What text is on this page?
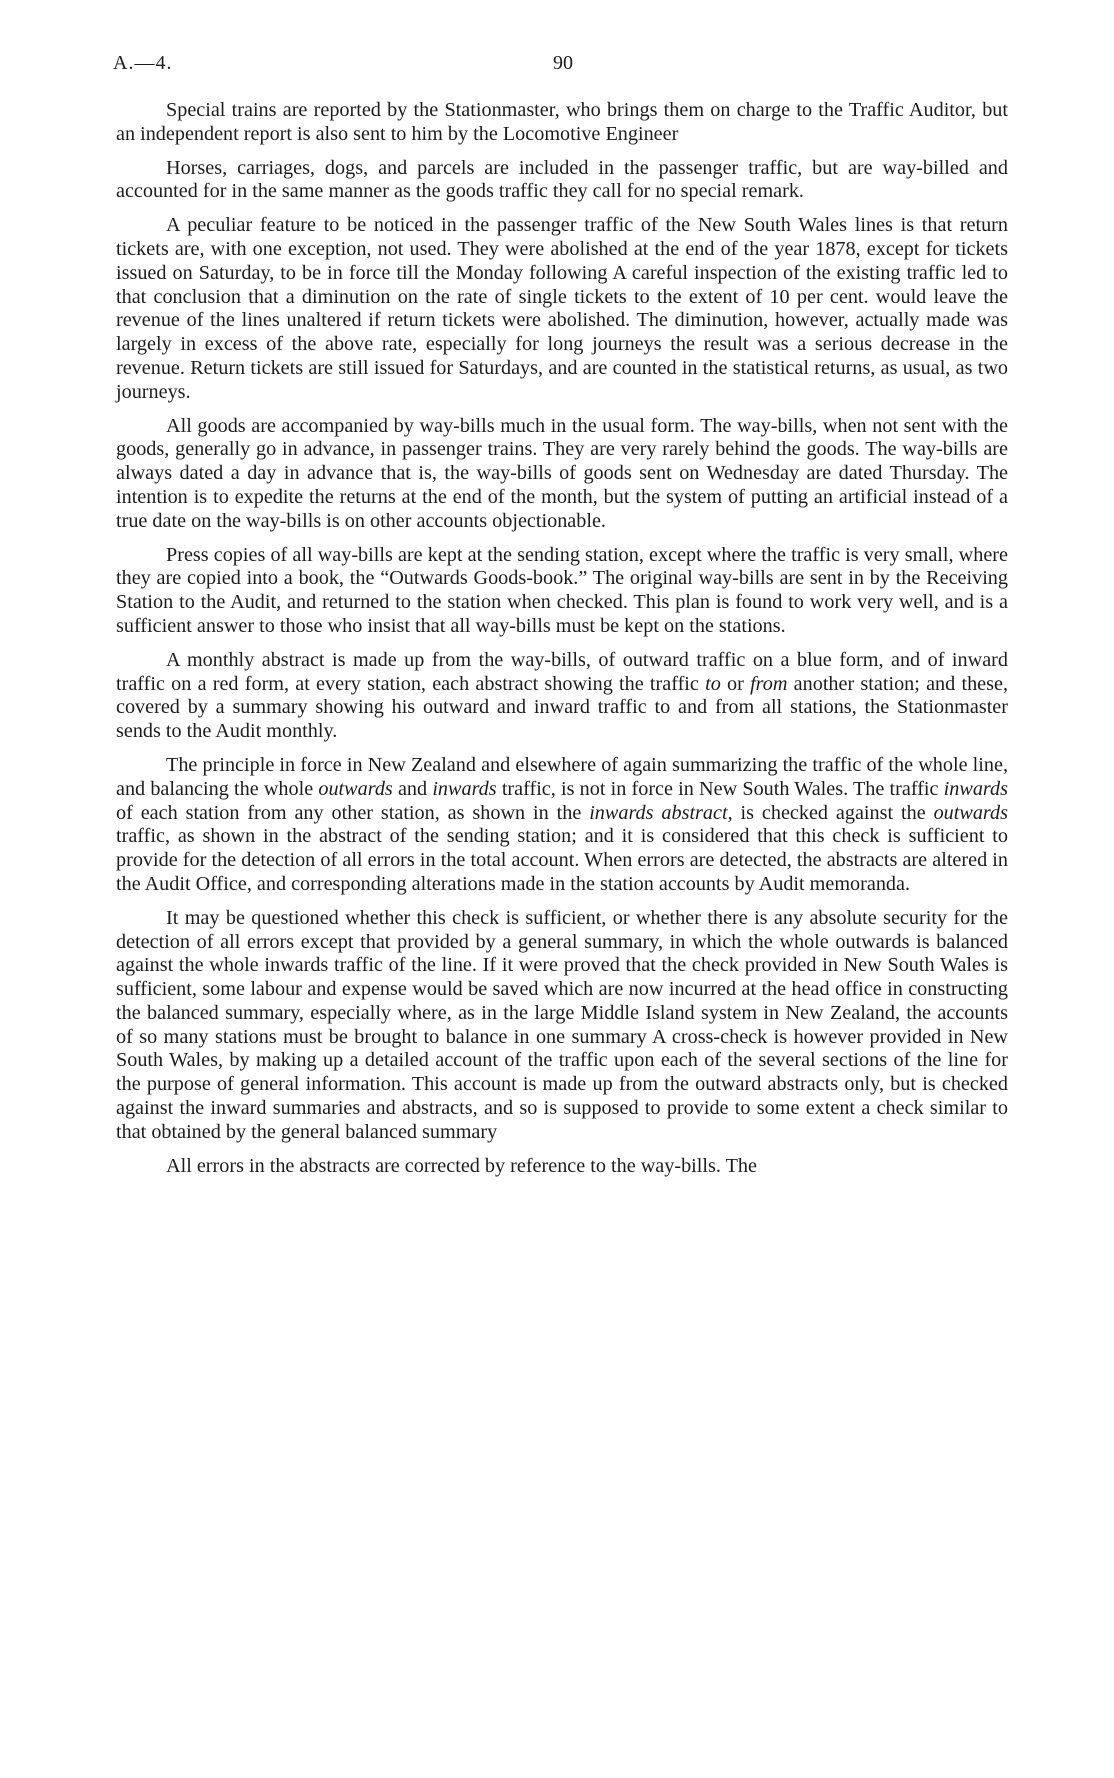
A.—4.	90

Special trains are reported by the Stationmaster, who brings them on charge to the Traffic Auditor, but an independent report is also sent to him by the Locomotive Engineer

Horses, carriages, dogs, and parcels are included in the passenger traffic, but are way-billed and accounted for in the same manner as the goods traffic they call for no special remark.

A peculiar feature to be noticed in the passenger traffic of the New South Wales lines is that return tickets are, with one exception, not used. They were abolished at the end of the year 1878, except for tickets issued on Saturday, to be in force till the Monday following A careful inspection of the existing traffic led to that conclusion that a diminution on the rate of single tickets to the extent of 10 per cent. would leave the revenue of the lines unaltered if return tickets were abolished. The diminution, however, actually made was largely in excess of the above rate, especially for long journeys the result was a serious decrease in the revenue. Return tickets are still issued for Saturdays, and are counted in the statistical returns, as usual, as two journeys.

All goods are accompanied by way-bills much in the usual form. The way-bills, when not sent with the goods, generally go in advance, in passenger trains. They are very rarely behind the goods. The way-bills are always dated a day in advance that is, the way-bills of goods sent on Wednesday are dated Thursday. The intention is to expedite the returns at the end of the month, but the system of putting an artificial instead of a true date on the way-bills is on other accounts objectionable.

Press copies of all way-bills are kept at the sending station, except where the traffic is very small, where they are copied into a book, the “Outwards Goods-book.” The original way-bills are sent in by the Receiving Station to the Audit, and returned to the station when checked. This plan is found to work very well, and is a sufficient answer to those who insist that all way-bills must be kept on the stations.

A monthly abstract is made up from the way-bills, of outward traffic on a blue form, and of inward traffic on a red form, at every station, each abstract showing the traffic to or from another station; and these, covered by a summary showing his outward and inward traffic to and from all stations, the Stationmaster sends to the Audit monthly.

The principle in force in New Zealand and elsewhere of again summarizing the traffic of the whole line, and balancing the whole outwards and inwards traffic, is not in force in New South Wales. The traffic inwards of each station from any other station, as shown in the inwards abstract, is checked against the outwards traffic, as shown in the abstract of the sending station; and it is considered that this check is sufficient to provide for the detection of all errors in the total account. When errors are detected, the abstracts are altered in the Audit Office, and corresponding alterations made in the station accounts by Audit memoranda.

It may be questioned whether this check is sufficient, or whether there is any absolute security for the detection of all errors except that provided by a general summary, in which the whole outwards is balanced against the whole inwards traffic of the line. If it were proved that the check provided in New South Wales is sufficient, some labour and expense would be saved which are now incurred at the head office in constructing the balanced summary, especially where, as in the large Middle Island system in New Zealand, the accounts of so many stations must be brought to balance in one summary A cross-check is however provided in New South Wales, by making up a detailed account of the traffic upon each of the several sections of the line for the purpose of general information. This account is made up from the outward abstracts only, but is checked against the inward summaries and abstracts, and so is supposed to provide to some extent a check similar to that obtained by the general balanced summary

All errors in the abstracts are corrected by reference to the way-bills. The
